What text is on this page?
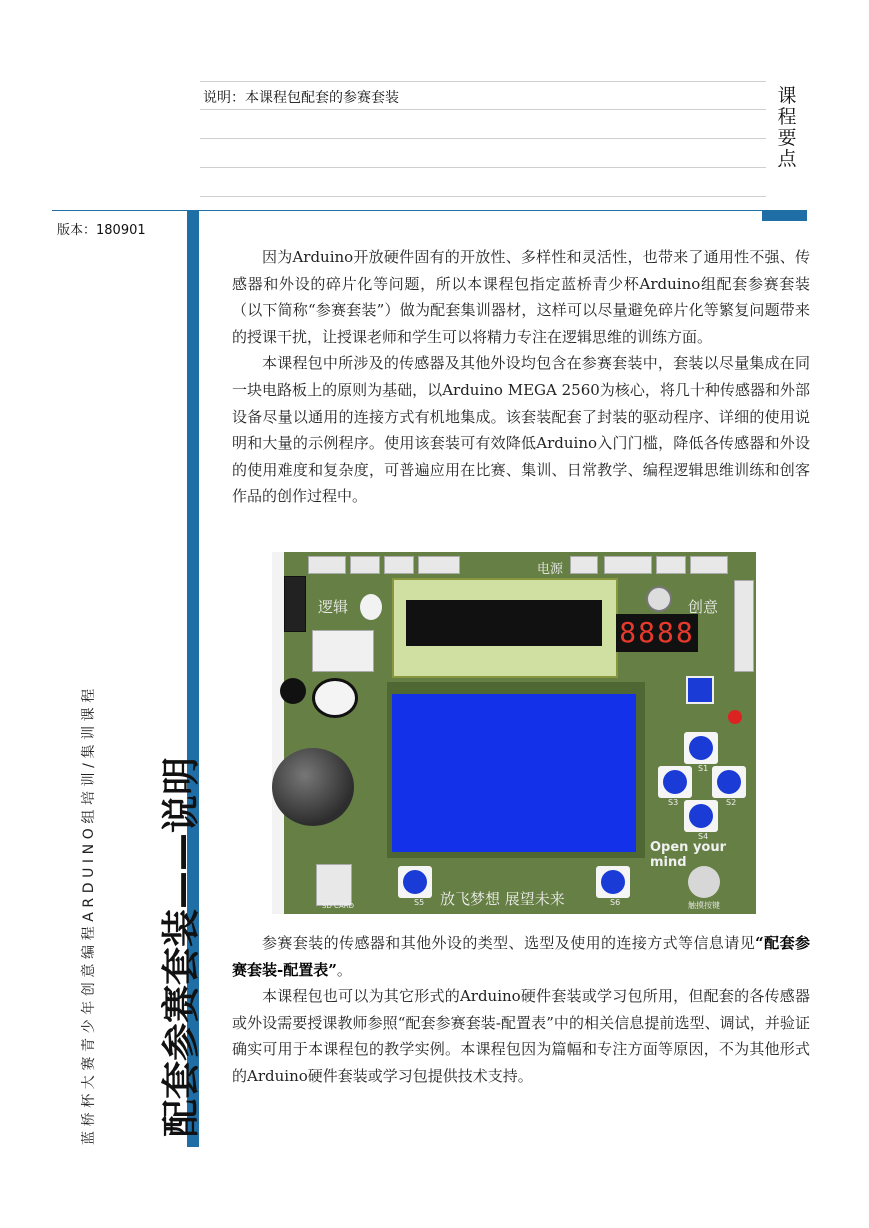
说明：本课程包配套的参赛套装	课程要点
版本：180901
蓝桥杯大赛青少年创意编程ARDUINO组培训/集训课程 配套参赛套装——说明

因为Arduino开放硬件固有的开放性、多样性和灵活性，也带来了通用性不强、传感器和外设的碎片化等问题，所以本课程包指定蓝桥青少杯Arduino组配套参赛套装（以下简称“参赛套装”）做为配套集训器材，这样可以尽量避免碎片化等繁复问题带来的授课干扰，让授课老师和学生可以将精力专注在逻辑思维的训练方面。

本课程包中所涉及的传感器及其他外设均包含在参赛套装中，套装以尽量集成在同一块电路板上的原则为基础，以Arduino MEGA 2560为核心，将几十种传感器和外部设备尽量以通用的连接方式有机地集成。该套装配套了封装的驱动程序、详细的使用说明和大量的示例程序。使用该套装可有效降低Arduino入门门槛，降低各传感器和外设的使用难度和复杂度，可普遍应用在比赛、集训、日常教学、编程逻辑思维训练和创客作品的创作过程中。

8888
电源
逻辑	创意
放飞梦想 展望未来
Open your mind
S1
S2
S3
S4
S5	S6	触摸按键
SD CARD

参赛套装的传感器和其他外设的类型、选型及使用的连接方式等信息请见“配套参赛套装-配置表”。

本课程包也可以为其它形式的Arduino硬件套装或学习包所用，但配套的各传感器或外设需要授课教师参照“配套参赛套装-配置表”中的相关信息提前选型、调试，并验证确实可用于本课程包的教学实例。本课程包因为篇幅和专注方面等原因，不为其他形式的Arduino硬件套装或学习包提供技术支持。
